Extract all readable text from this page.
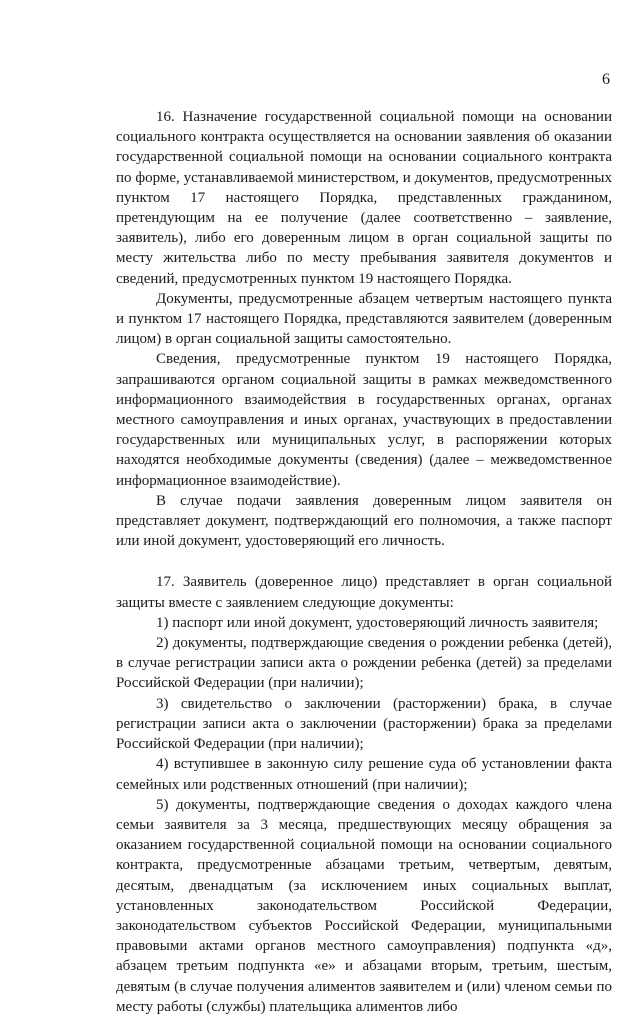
6

16. Назначение государственной социальной помощи на основании социального контракта осуществляется на основании заявления об оказании государственной социальной помощи на основании социального контракта по форме, устанавливаемой министерством, и документов, предусмотренных пунктом 17 настоящего Порядка, представленных гражданином, претендующим на ее получение (далее соответственно – заявление, заявитель), либо его доверенным лицом в орган социальной защиты по месту жительства либо по месту пребывания заявителя документов и сведений, предусмотренных пунктом 19 настоящего Порядка.

Документы, предусмотренные абзацем четвертым настоящего пункта и пунктом 17 настоящего Порядка, представляются заявителем (доверенным лицом) в орган социальной защиты самостоятельно.

Сведения, предусмотренные пунктом 19 настоящего Порядка, запрашиваются органом социальной защиты в рамках межведомственного информационного взаимодействия в государственных органах, органах местного самоуправления и иных органах, участвующих в предоставлении государственных или муниципальных услуг, в распоряжении которых находятся необходимые документы (сведения) (далее – межведомственное информационное взаимодействие).

В случае подачи заявления доверенным лицом заявителя он представляет документ, подтверждающий его полномочия, а также паспорт или иной документ, удостоверяющий его личность.

17. Заявитель (доверенное лицо) представляет в орган социальной защиты вместе с заявлением следующие документы:

1) паспорт или иной документ, удостоверяющий личность заявителя;

2) документы, подтверждающие сведения о рождении ребенка (детей), в случае регистрации записи акта о рождении ребенка (детей) за пределами Российской Федерации (при наличии);

3) свидетельство о заключении (расторжении) брака, в случае регистрации записи акта о заключении (расторжении) брака за пределами Российской Федерации (при наличии);

4) вступившее в законную силу решение суда об установлении факта семейных или родственных отношений (при наличии);

5) документы, подтверждающие сведения о доходах каждого члена семьи заявителя за 3 месяца, предшествующих месяцу обращения за оказанием государственной социальной помощи на основании социального контракта, предусмотренные абзацами третьим, четвертым, девятым, десятым, двенадцатым (за исключением иных социальных выплат, установленных законодательством Российской Федерации, законодательством субъектов Российской Федерации, муниципальными правовыми актами органов местного самоуправления) подпункта «д», абзацем третьим подпункта «е» и абзацами вторым, третьим, шестым, девятым (в случае получения алиментов заявителем и (или) членом семьи по месту работы (службы) плательщика алиментов либо
